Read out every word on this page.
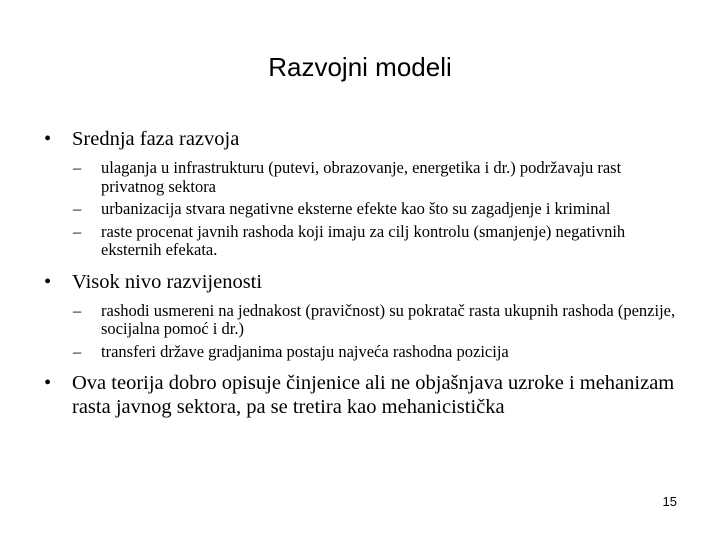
Razvojni modeli
•	Srednja faza razvoja
– ulaganja u infrastrukturu (putevi, obrazovanje, energetika i dr.) podržavaju rast privatnog sektora
– urbanizacija stvara negativne eksterne efekte kao što su zagadjenje i kriminal
– raste procenat javnih rashoda koji imaju za cilj kontrolu (smanjenje) negativnih eksternih efekata.
•	Visok nivo razvijenosti
– rashodi usmereni na jednakost (pravičnost) su pokratač rasta ukupnih rashoda (penzije, socijalna pomoć i dr.)
– transferi države gradjanima postaju najveća rashodna pozicija
•	Ova teorija dobro opisuje činjenice ali ne objašnjava uzroke i mehanizam rasta javnog sektora, pa se tretira kao mehanicistička
15
